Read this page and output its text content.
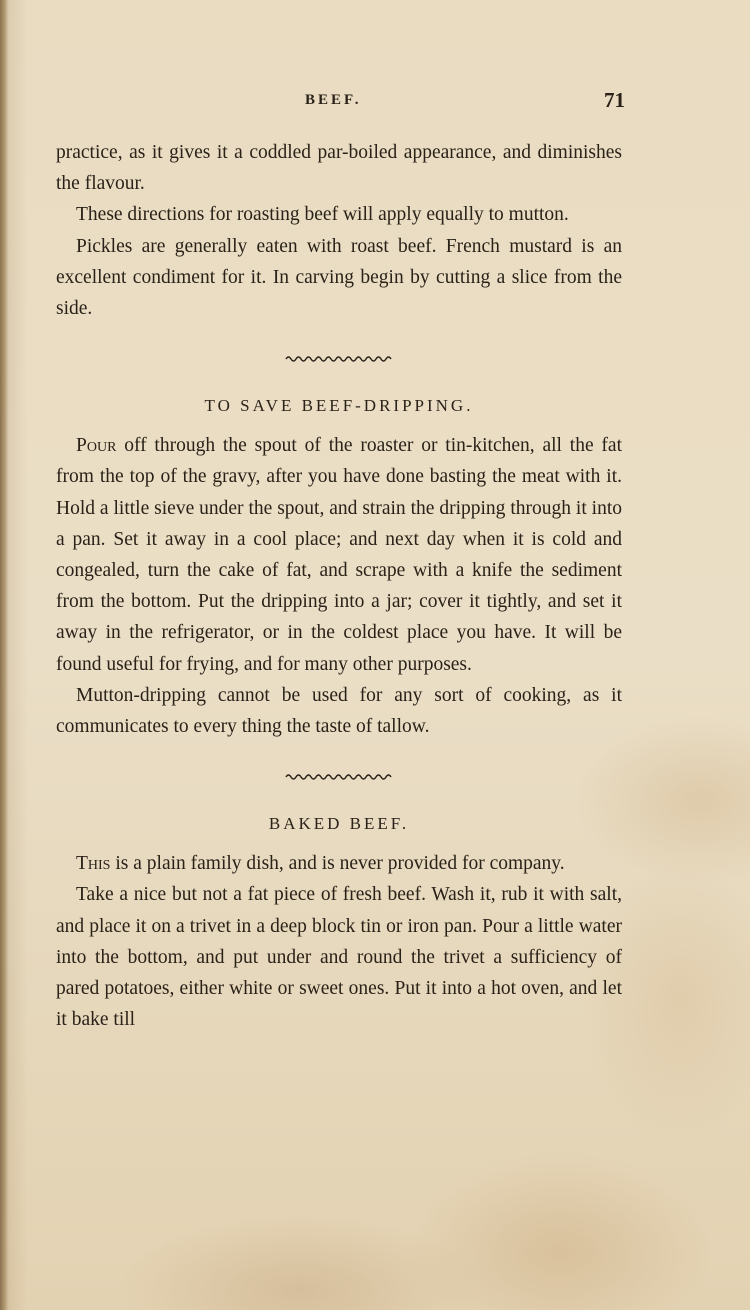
BEEF.	71

practice, as it gives it a coddled par-boiled appearance, and diminishes the flavour.

These directions for roasting beef will apply equally to mutton.

Pickles are generally eaten with roast beef. French mustard is an excellent condiment for it. In carving begin by cutting a slice from the side.

TO SAVE BEEF-DRIPPING.

Pour off through the spout of the roaster or tin-kitchen, all the fat from the top of the gravy, after you have done basting the meat with it. Hold a little sieve under the spout, and strain the dripping through it into a pan. Set it away in a cool place; and next day when it is cold and congealed, turn the cake of fat, and scrape with a knife the sediment from the bottom. Put the dripping into a jar; cover it tightly, and set it away in the refrigerator, or in the coldest place you have. It will be found useful for frying, and for many other purposes.

Mutton-dripping cannot be used for any sort of cooking, as it communicates to every thing the taste of tallow.

BAKED BEEF.

This is a plain family dish, and is never provided for company.

Take a nice but not a fat piece of fresh beef. Wash it, rub it with salt, and place it on a trivet in a deep block tin or iron pan. Pour a little water into the bottom, and put under and round the trivet a sufficiency of pared potatoes, either white or sweet ones. Put it into a hot oven, and let it bake till
